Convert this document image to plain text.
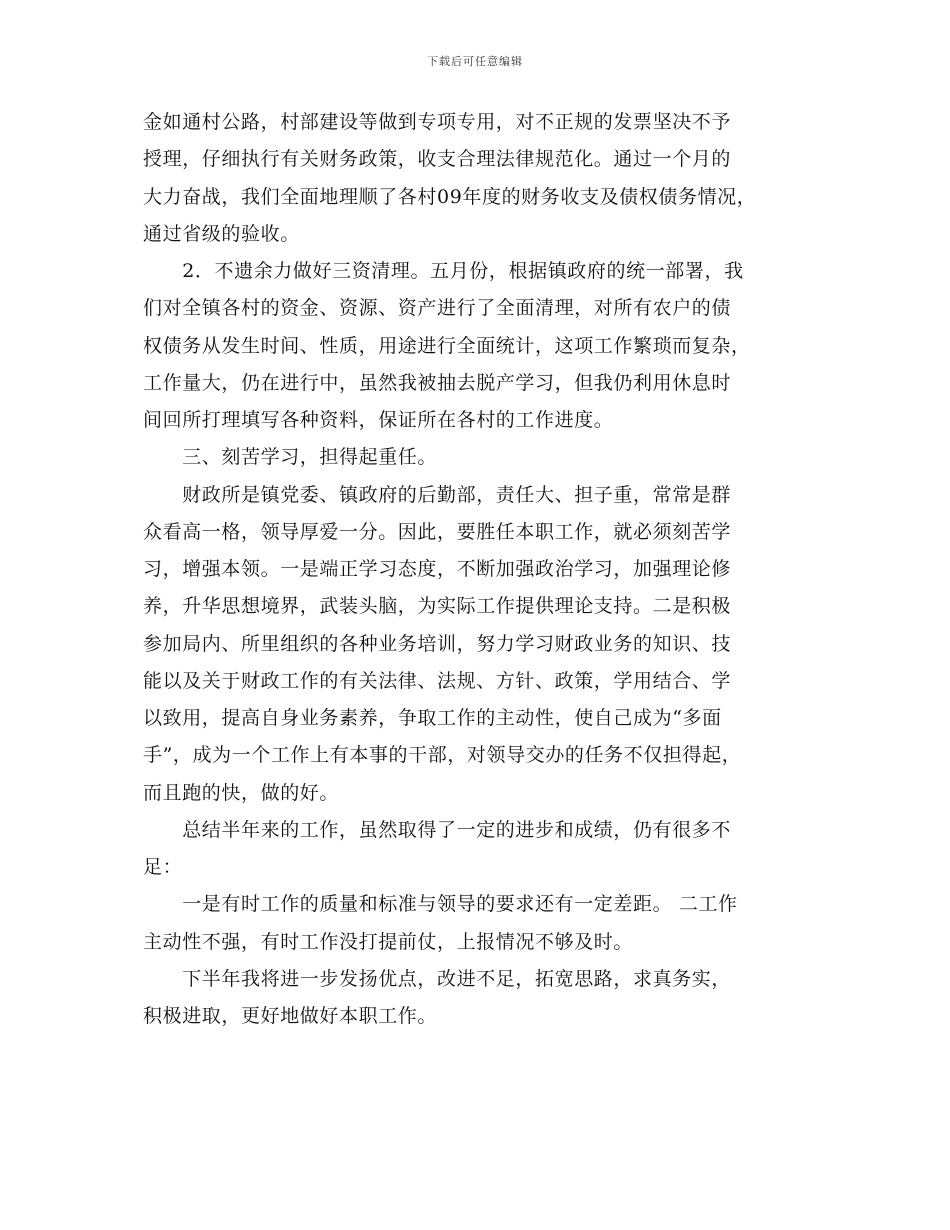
下载后可任意编辑
金如通村公路，村部建设等做到专项专用，对不正规的发票坚决不予
授理，仔细执行有关财务政策，收支合理法律规范化。通过一个月的
大力奋战，我们全面地理顺了各村09年度的财务收支及债权债务情况，
通过省级的验收。
　　2．不遗余力做好三资清理。五月份，根据镇政府的统一部署，我
们对全镇各村的资金、资源、资产进行了全面清理，对所有农户的债
权债务从发生时间、性质，用途进行全面统计，这项工作繁琐而复杂，
工作量大，仍在进行中，虽然我被抽去脱产学习，但我仍利用休息时
间回所打理填写各种资料，保证所在各村的工作进度。
　　三、刻苦学习，担得起重任。
　　财政所是镇党委、镇政府的后勤部，责任大、担子重，常常是群
众看高一格，领导厚爱一分。因此，要胜任本职工作，就必须刻苦学
习，增强本领。一是端正学习态度，不断加强政治学习，加强理论修
养，升华思想境界，武装头脑，为实际工作提供理论支持。二是积极
参加局内、所里组织的各种业务培训，努力学习财政业务的知识、技
能以及关于财政工作的有关法律、法规、方针、政策，学用结合、学
以致用，提高自身业务素养，争取工作的主动性，使自己成为“多面
手”，成为一个工作上有本事的干部，对领导交办的任务不仅担得起，
而且跑的快，做的好。
　　总结半年来的工作，虽然取得了一定的进步和成绩，仍有很多不
足：
　　一是有时工作的质量和标准与领导的要求还有一定差距。 二工作
主动性不强，有时工作没打提前仗，上报情况不够及时。
　　下半年我将进一步发扬优点，改进不足，拓宽思路，求真务实，
积极进取，更好地做好本职工作。
